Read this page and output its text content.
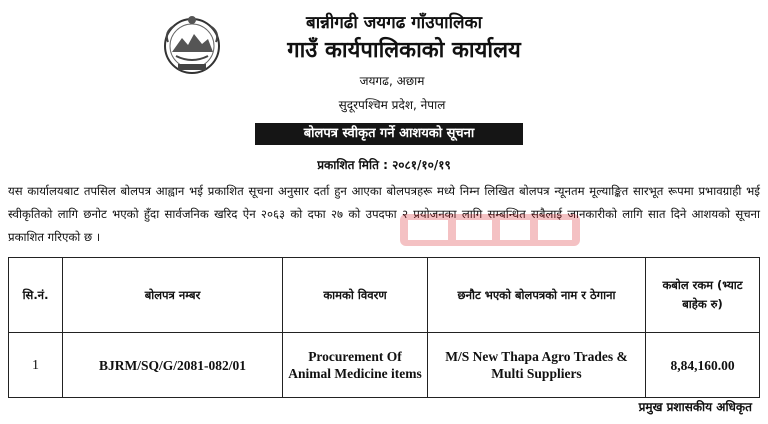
बान्नीगढी जयगढ गाँउपालिका
गाउँ कार्यपालिकाको कार्यालय
जयगढ, अछाम
सुदूरपश्चिम प्रदेश, नेपाल
बोलपत्र स्वीकृत गर्ने आशयको सूचना
प्रकाशित मिति : २०८१/१०/१९
यस कार्यालयबाट तपसिल बोलपत्र आह्वान भई प्रकाशित सूचना अनुसार दर्ता हुन आएका बोलपत्रहरू मध्ये निम्न लिखित बोलपत्र न्यूनतम मूल्याङ्कित सारभूत रूपमा प्रभावग्राही भई स्वीकृतिको लागि छनोट भएको हुँदा सार्वजनिक खरिद ऐन २०६३ को दफा २७ को उपदफा २ प्रयोजनका लागि सम्बन्धित सबैलाई जानकारीको लागि सात दिने आशयको सूचना प्रकाशित गरिएको छ ।
सि.नं.	बोलपत्र नम्बर	कामको विवरण	छनौट भएको बोलपत्रको नाम र ठेगाना	कबोल रकम (भ्याट बाहेक रु)
1	BJRM/SQ/G/2081-082/01	Procurement Of Animal Medicine items	M/S New Thapa Agro Trades & Multi Suppliers	8,84,160.00
प्रमुख प्रशासकीय अधिकृत
